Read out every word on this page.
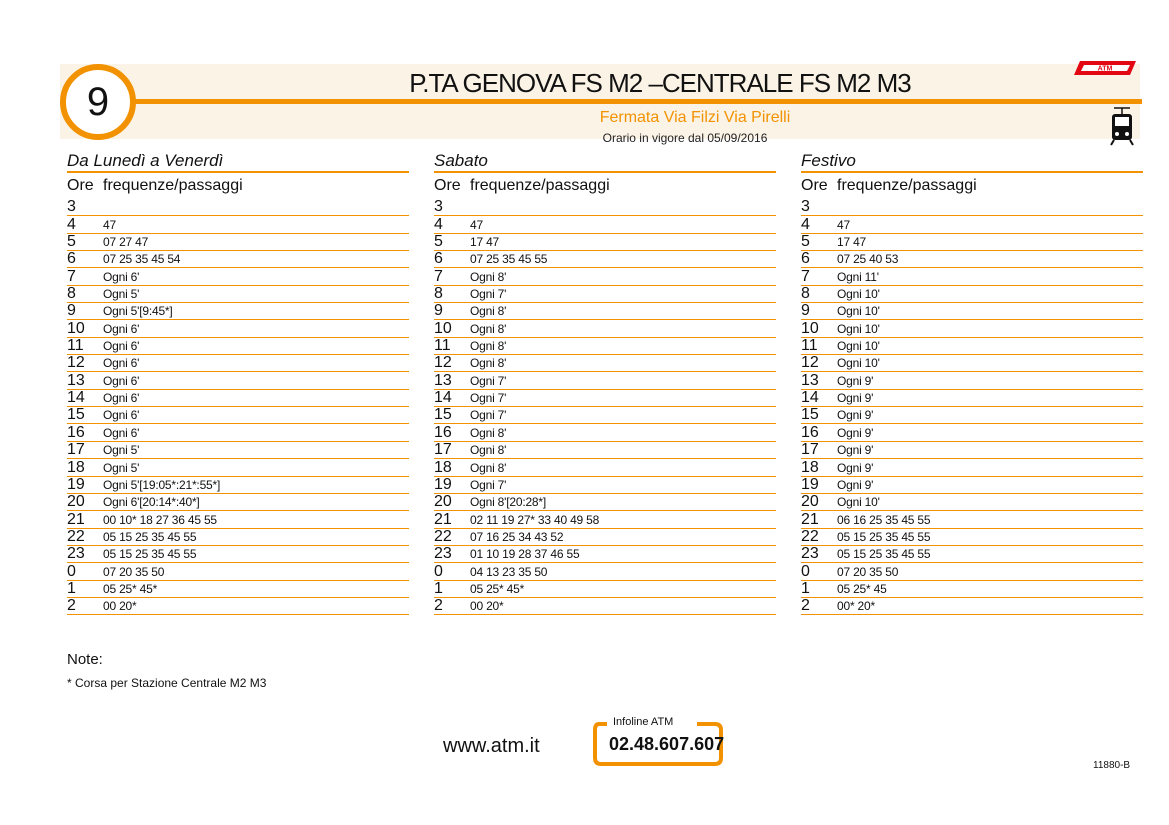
9	P.TA GENOVA FS M2 –CENTRALE FS M2 M3
Fermata Via Filzi Via Pirelli
Orario in vigore dal 05/09/2016
ATM
Da Lunedì a Venerdì
Ore frequenze/passaggi
3
4	47
5	07 27 47
6	07 25 35 45 54
7	Ogni 6'
8	Ogni 5'
9	Ogni 5'[9:45*]
10	Ogni 6'
11	Ogni 6'
12	Ogni 6'
13	Ogni 6'
14	Ogni 6'
15	Ogni 6'
16	Ogni 6'
17	Ogni 5'
18	Ogni 5'
19	Ogni 5'[19:05*:21*:55*]
20	Ogni 6'[20:14*:40*]
21	00 10* 18 27 36 45 55
22	05 15 25 35 45 55
23	05 15 25 35 45 55
0	07 20 35 50
1	05 25* 45*
2	00 20*
Sabato
Ore frequenze/passaggi
3
4	47
5	17 47
6	07 25 35 45 55
7	Ogni 8'
8	Ogni 7'
9	Ogni 8'
10	Ogni 8'
11	Ogni 8'
12	Ogni 8'
13	Ogni 7'
14	Ogni 7'
15	Ogni 7'
16	Ogni 8'
17	Ogni 8'
18	Ogni 8'
19	Ogni 7'
20	Ogni 8'[20:28*]
21	02 11 19 27* 33 40 49 58
22	07 16 25 34 43 52
23	01 10 19 28 37 46 55
0	04 13 23 35 50
1	05 25* 45*
2	00 20*
Festivo
Ore frequenze/passaggi
3
4	47
5	17 47
6	07 25 40 53
7	Ogni 11'
8	Ogni 10'
9	Ogni 10'
10	Ogni 10'
11	Ogni 10'
12	Ogni 10'
13	Ogni 9'
14	Ogni 9'
15	Ogni 9'
16	Ogni 9'
17	Ogni 9'
18	Ogni 9'
19	Ogni 9'
20	Ogni 10'
21	06 16 25 35 45 55
22	05 15 25 35 45 55
23	05 15 25 35 45 55
0	07 20 35 50
1	05 25* 45
2	00* 20*
Note:
* Corsa per Stazione Centrale M2 M3
www.atm.it
Infoline ATM
02.48.607.607
11880-B
